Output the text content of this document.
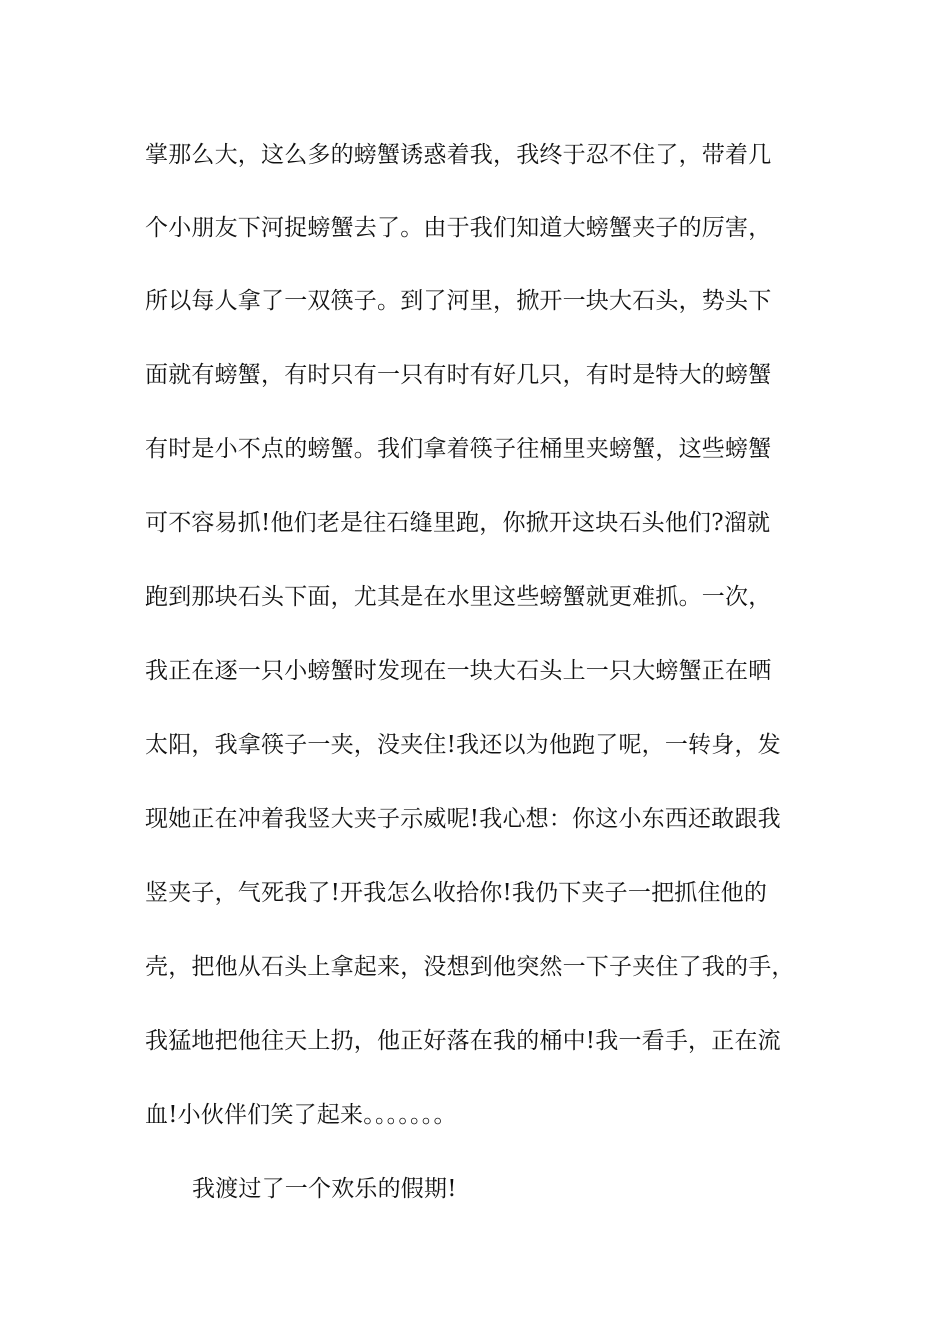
掌那么大，这么多的螃蟹诱惑着我，我终于忍不住了，带着几
个小朋友下河捉螃蟹去了。由于我们知道大螃蟹夹子的厉害，
所以每人拿了一双筷子。到了河里，掀开一块大石头，势头下
面就有螃蟹，有时只有一只有时有好几只，有时是特大的螃蟹
有时是小不点的螃蟹。我们拿着筷子往桶里夹螃蟹，这些螃蟹
可不容易抓!他们老是往石缝里跑，你掀开这块石头他们?溜就
跑到那块石头下面，尤其是在水里这些螃蟹就更难抓。一次，
我正在逐一只小螃蟹时发现在一块大石头上一只大螃蟹正在晒
太阳，我拿筷子一夹，没夹住!我还以为他跑了呢，一转身，发
现她正在冲着我竖大夹子示威呢!我心想：你这小东西还敢跟我
竖夹子，气死我了!开我怎么收拾你!我仍下夹子一把抓住他的
壳，把他从石头上拿起来，没想到他突然一下子夹住了我的手，
我猛地把他往天上扔，他正好落在我的桶中!我一看手，正在流
血!小伙伴们笑了起来。。。。。。。
我渡过了一个欢乐的假期!
